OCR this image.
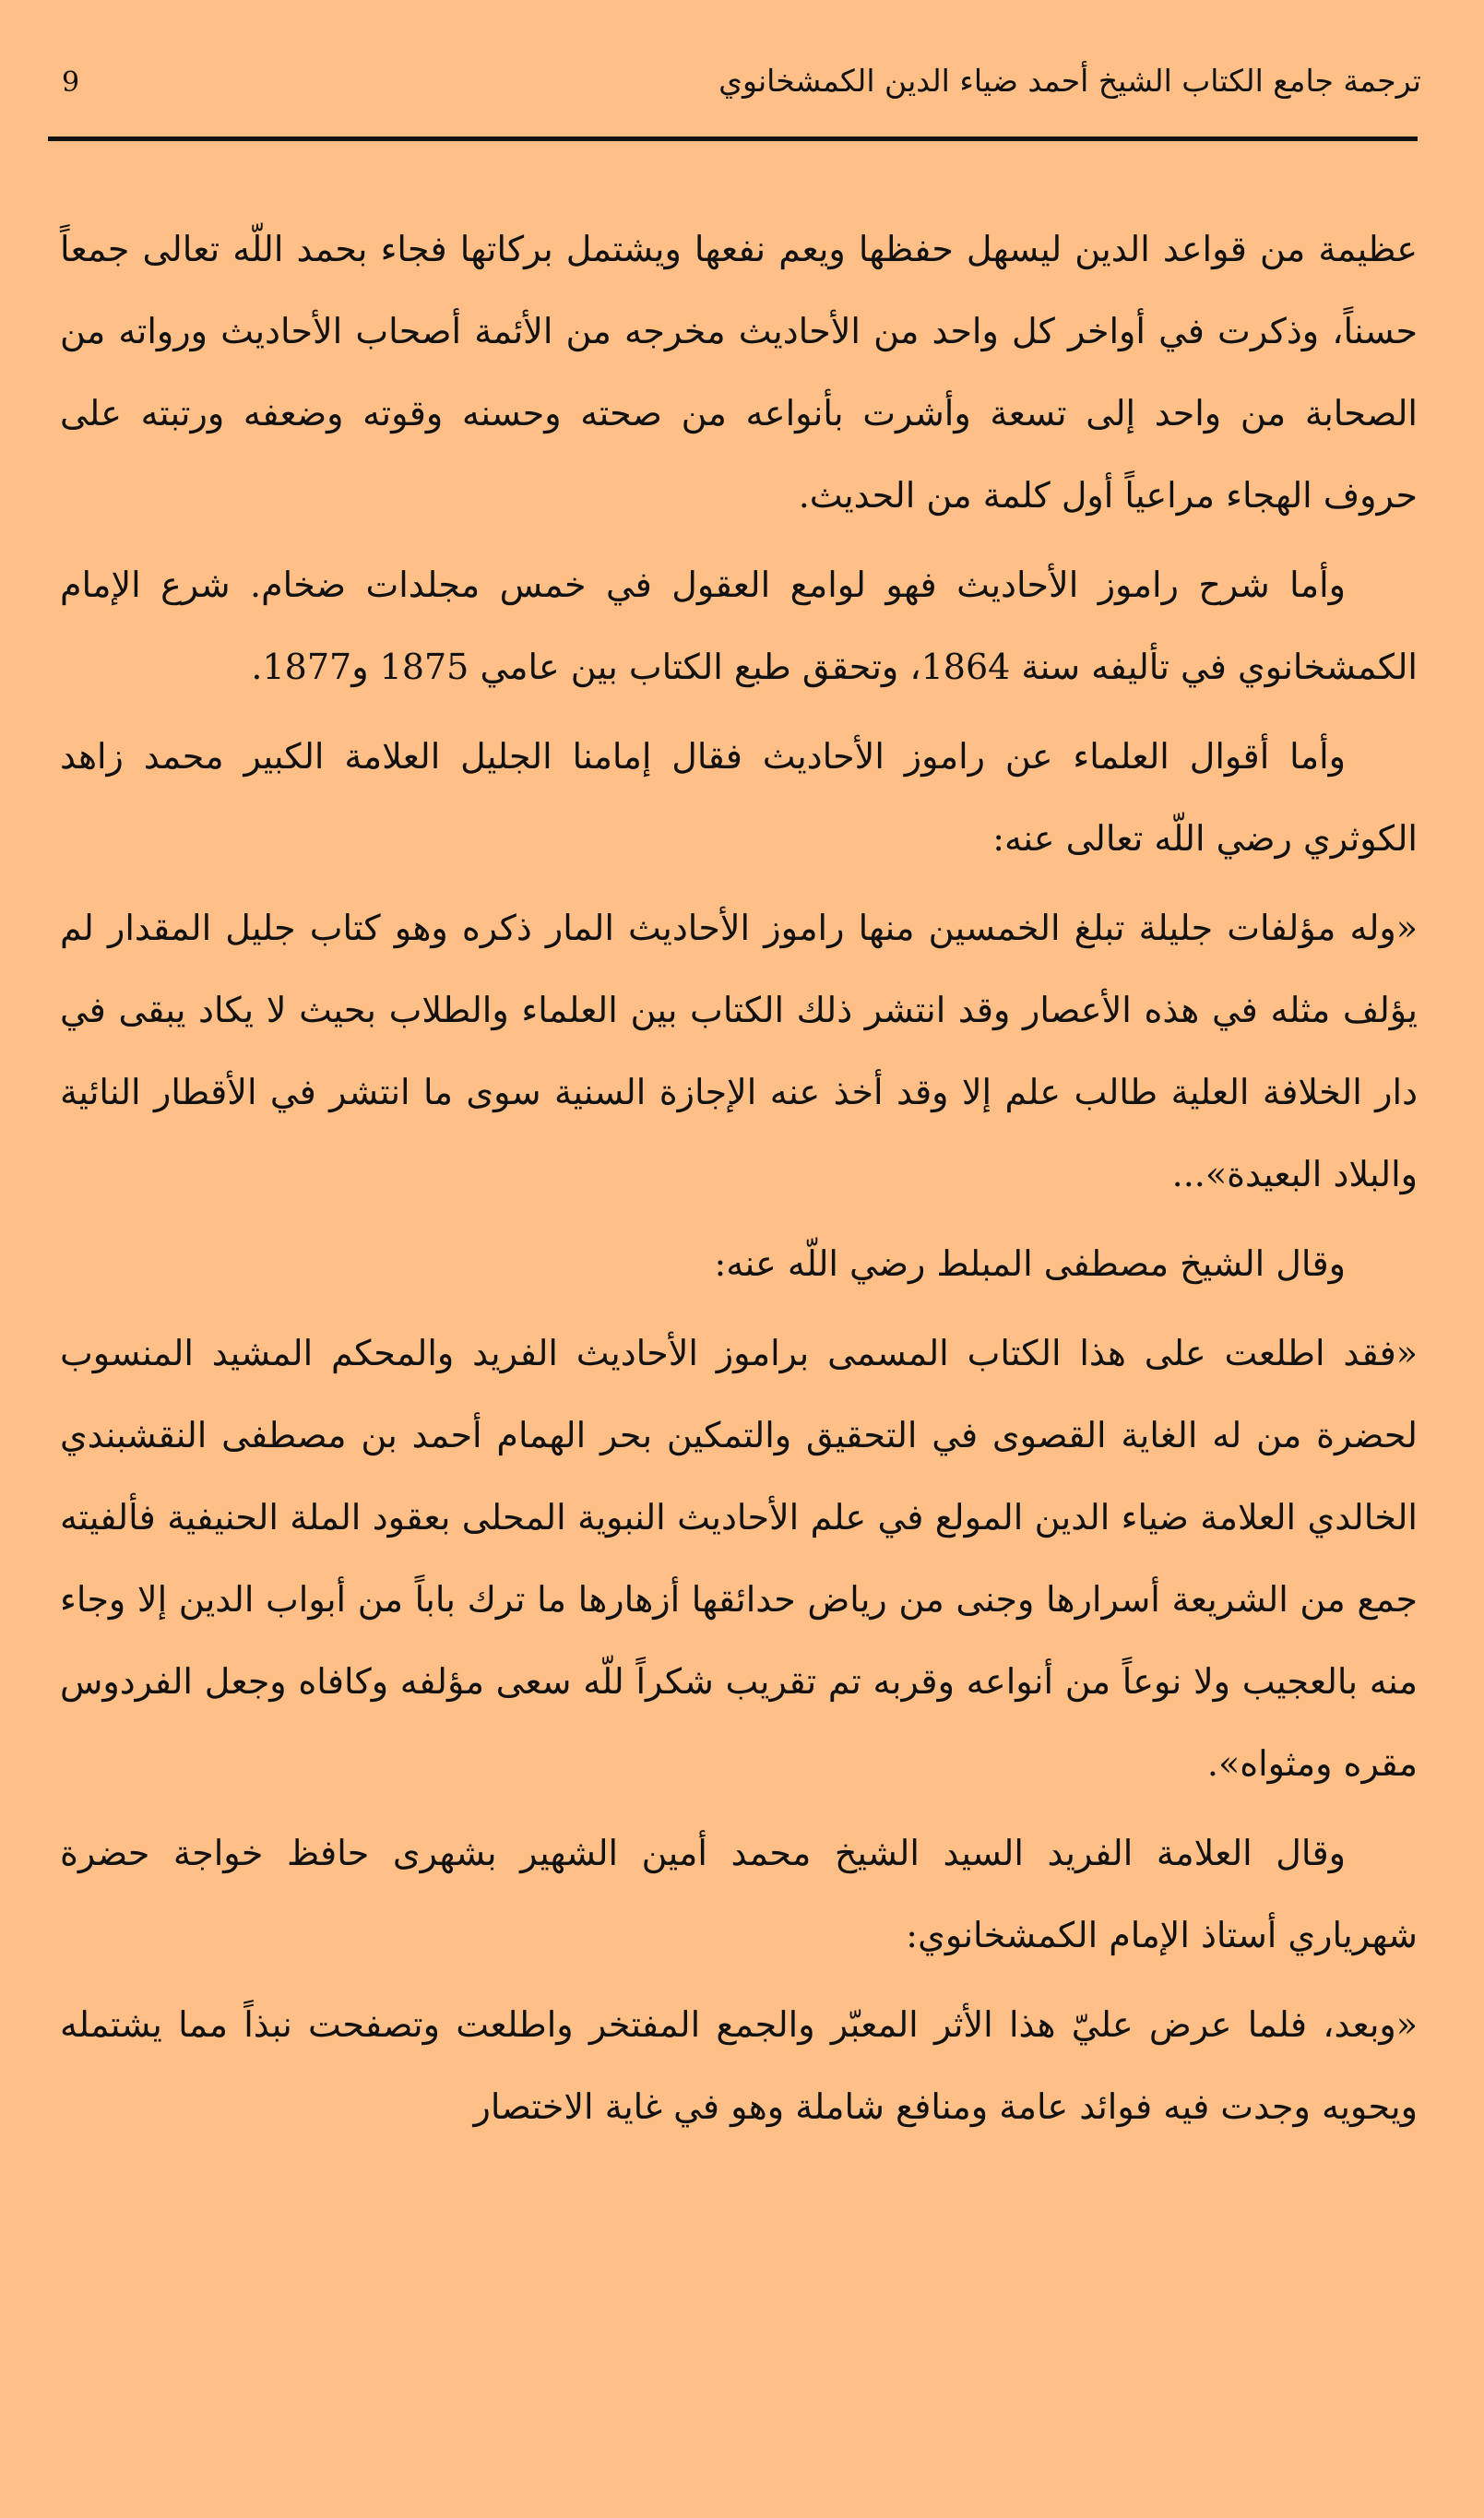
9	ترجمة جامع الكتاب الشيخ أحمد ضياء الدين الكمشخانوي

عظيمة من قواعد الدين ليسهل حفظها ويعم نفعها ويشتمل بركاتها فجاء بحمد اللّه تعالى جمعاً حسناً، وذكرت في أواخر كل واحد من الأحاديث مخرجه من الأئمة أصحاب الأحاديث ورواته من الصحابة من واحد إلى تسعة وأشرت بأنواعه من صحته وحسنه وقوته وضعفه ورتبته على حروف الهجاء مراعياً أول كلمة من الحديث.

وأما شرح راموز الأحاديث فهو لوامع العقول في خمس مجلدات ضخام. شرع الإمام الكمشخانوي في تأليفه سنة 1864، وتحقق طبع الكتاب بين عامي 1875 و1877.

وأما أقوال العلماء عن راموز الأحاديث فقال إمامنا الجليل العلامة الكبير محمد زاهد الكوثري رضي اللّه تعالى عنه:

«وله مؤلفات جليلة تبلغ الخمسين منها راموز الأحاديث المار ذكره وهو كتاب جليل المقدار لم يؤلف مثله في هذه الأعصار وقد انتشر ذلك الكتاب بين العلماء والطلاب بحيث لا يكاد يبقى في دار الخلافة العلية طالب علم إلا وقد أخذ عنه الإجازة السنية سوى ما انتشر في الأقطار النائية والبلاد البعيدة»...

وقال الشيخ مصطفى المبلط رضي اللّه عنه:

«فقد اطلعت على هذا الكتاب المسمى براموز الأحاديث الفريد والمحكم المشيد المنسوب لحضرة من له الغاية القصوى في التحقيق والتمكين بحر الهمام أحمد بن مصطفى النقشبندي الخالدي العلامة ضياء الدين المولع في علم الأحاديث النبوية المحلى بعقود الملة الحنيفية فألفيته جمع من الشريعة أسرارها وجنى من رياض حدائقها أزهارها ما ترك باباً من أبواب الدين إلا وجاء منه بالعجيب ولا نوعاً من أنواعه وقربه تم تقريب شكراً للّه سعى مؤلفه وكافاه وجعل الفردوس مقره ومثواه».

وقال العلامة الفريد السيد الشيخ محمد أمين الشهير بشهرى حافظ خواجة حضرة شهرياري أستاذ الإمام الكمشخانوي:

«وبعد، فلما عرض عليّ هذا الأثر المعبّر والجمع المفتخر واطلعت وتصفحت نبذاً مما يشتمله ويحويه وجدت فيه فوائد عامة ومنافع شاملة وهو في غاية الاختصار
